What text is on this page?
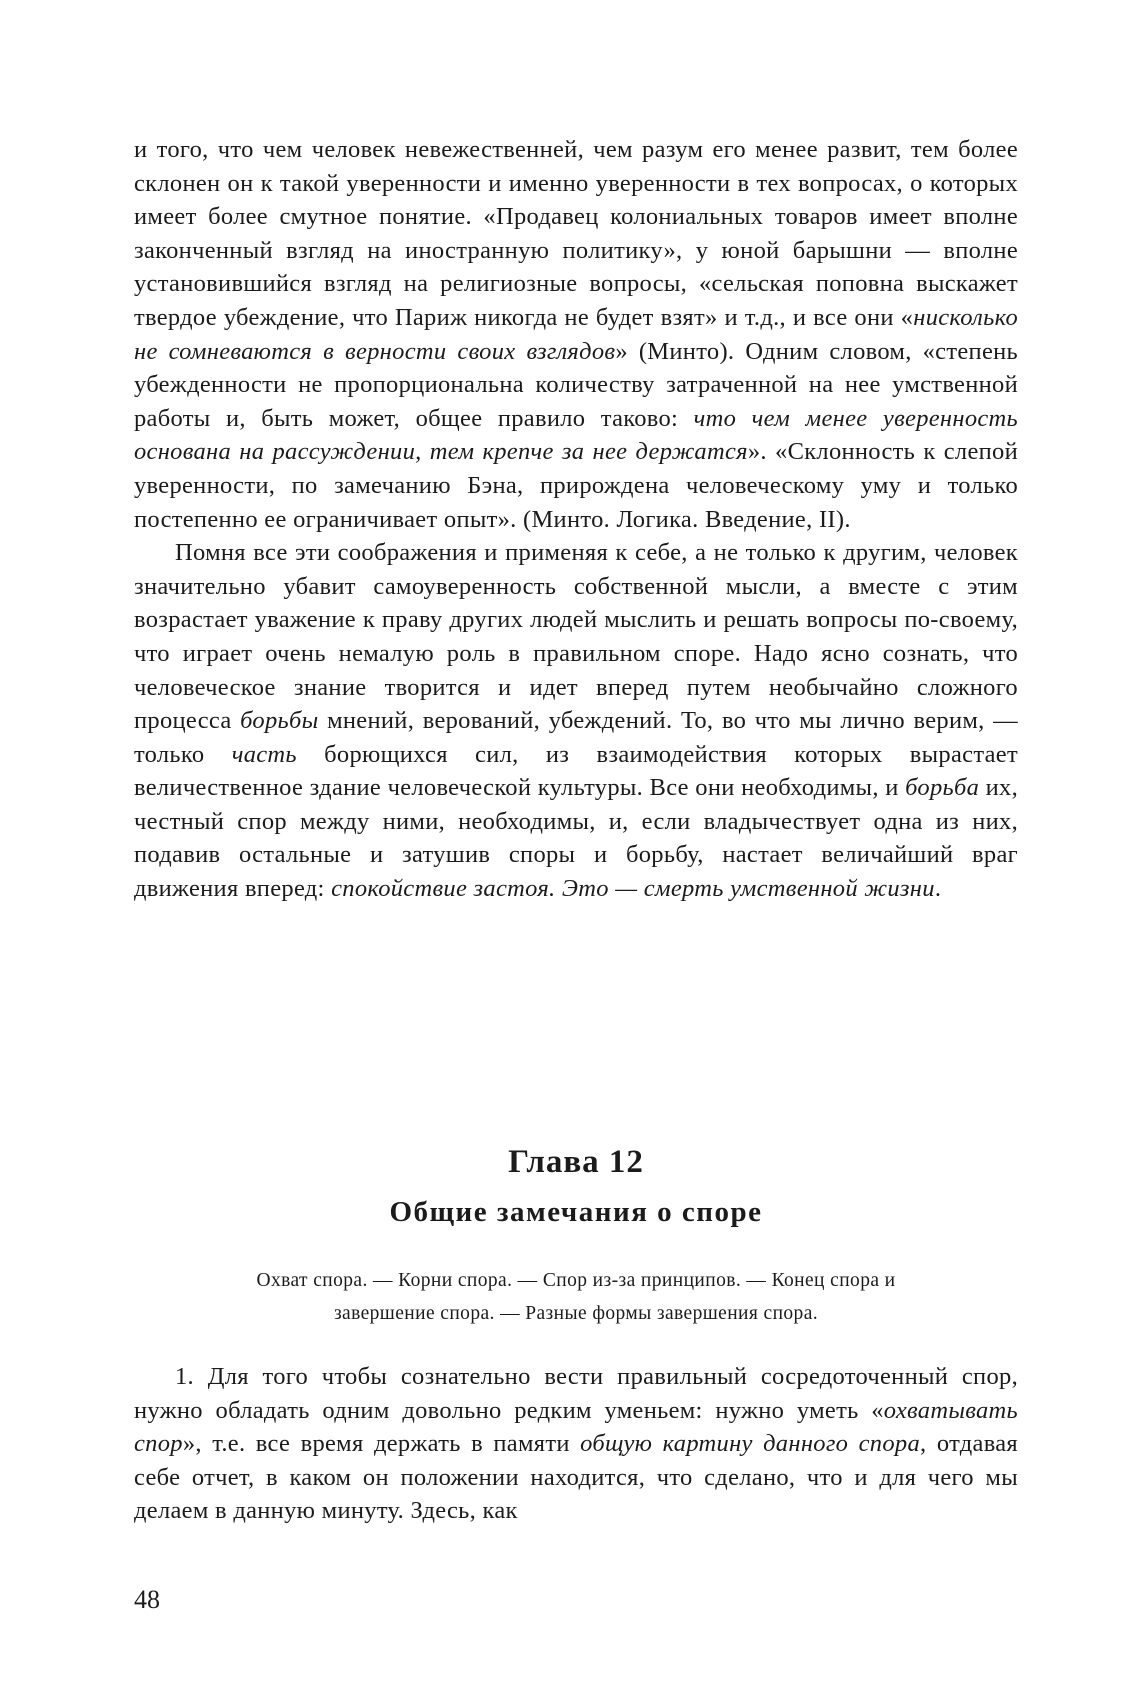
и того, что чем человек невежественней, чем разум его менее развит, тем более склонен он к такой уверенности и именно уверенности в тех вопросах, о которых имеет более смутное понятие. «Продавец колониальных товаров имеет вполне законченный взгляд на иностранную политику», у юной барышни — вполне установившийся взгляд на религиозные вопросы, «сельская поповна выскажет твердое убеждение, что Париж никогда не будет взят» и т.д., и все они «нисколько не сомневаются в верности своих взглядов» (Минто). Одним словом, «степень убежденности не пропорциональна количеству затраченной на нее умственной работы и, быть может, общее правило таково: что чем менее уверенность основана на рассуждении, тем крепче за нее держатся». «Склонность к слепой уверенности, по замечанию Бэна, прирождена человеческому уму и только постепенно ее ограничивает опыт». (Минто. Логика. Введение, II).

Помня все эти соображения и применяя к себе, а не только к другим, человек значительно убавит самоуверенность собственной мысли, а вместе с этим возрастает уважение к праву других людей мыслить и решать вопросы по-своему, что играет очень немалую роль в правильном споре. Надо ясно сознать, что человеческое знание творится и идет вперед путем необычайно сложного процесса борьбы мнений, верований, убеждений. То, во что мы лично верим, — только часть борющихся сил, из взаимодействия которых вырастает величественное здание человеческой культуры. Все они необходимы, и борьба их, честный спор между ними, необходимы, и, если владычествует одна из них, подавив остальные и затушив споры и борьбу, настает величайший враг движения вперед: спокойствие застоя. Это — смерть умственной жизни.

Глава 12

Общие замечания о споре

Охват спора. — Корни спора. — Спор из-за принципов. — Конец спора и завершение спора. — Разные формы завершения спора.

1. Для того чтобы сознательно вести правильный сосредоточенный спор, нужно обладать одним довольно редким уменьем: нужно уметь «охватывать спор», т.е. все время держать в памяти общую картину данного спора, отдавая себе отчет, в каком он положении находится, что сделано, что и для чего мы делаем в данную минуту. Здесь, как

48
